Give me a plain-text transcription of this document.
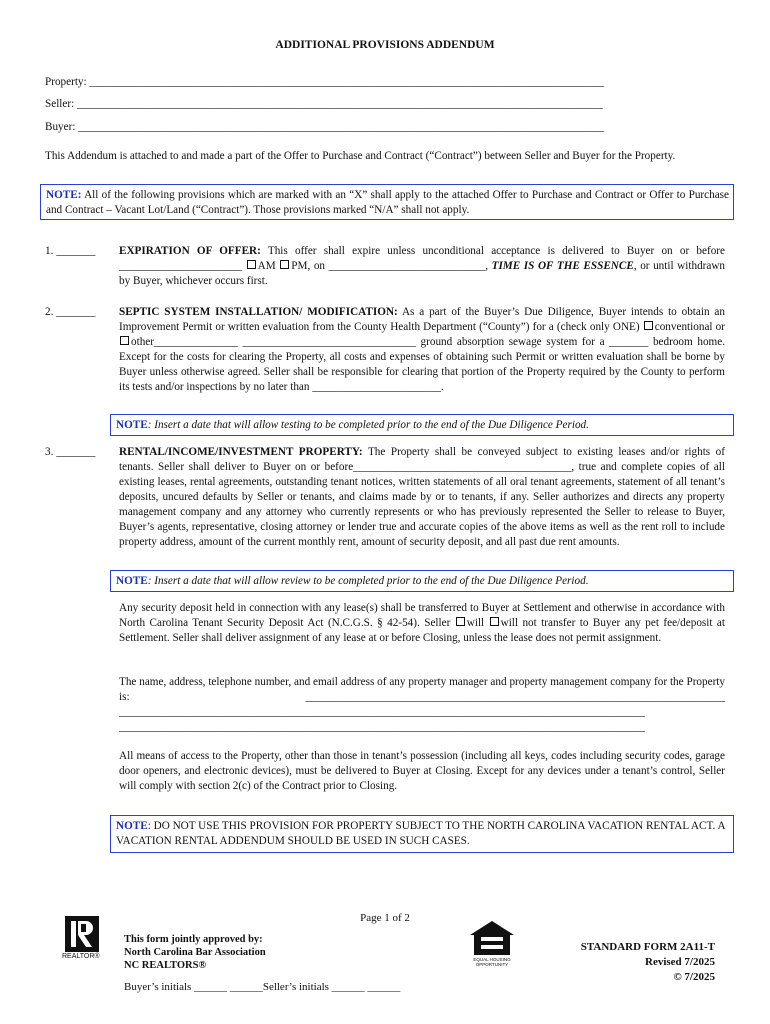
ADDITIONAL PROVISIONS ADDENDUM
Property: ____________________________________________________________________________________________
Seller: ______________________________________________________________________________________________
Buyer: ______________________________________________________________________________________________
This Addendum is attached to and made a part of the Offer to Purchase and Contract (“Contract”) between Seller and Buyer for the Property.
NOTE: All of the following provisions which are marked with an “X” shall apply to the attached Offer to Purchase and Contract or Offer to Purchase and Contract – Vacant Lot/Land (“Contract”). Those provisions marked “N/A” shall not apply.
1. _______	EXPIRATION OF OFFER: This offer shall expire unless unconditional acceptance is delivered to Buyer on or before ______________________ AM PM, on ____________________________, TIME IS OF THE ESSENCE, or until withdrawn by Buyer, whichever occurs first.
2. _______	SEPTIC SYSTEM INSTALLATION/ MODIFICATION: As a part of the Buyer’s Due Diligence, Buyer intends to obtain an Improvement Permit or written evaluation from the County Health Department (“County”) for a (check only ONE) conventional or other_______________ _______________________________ ground absorption sewage system for a _______ bedroom home. Except for the costs for clearing the Property, all costs and expenses of obtaining such Permit or written evaluation shall be borne by Buyer unless otherwise agreed. Seller shall be responsible for clearing that portion of the Property required by the County to perform its tests and/or inspections by no later than _______________________.
NOTE: Insert a date that will allow testing to be completed prior to the end of the Due Diligence Period.
3. _______	RENTAL/INCOME/INVESTMENT PROPERTY: The Property shall be conveyed subject to existing leases and/or rights of tenants. Seller shall deliver to Buyer on or before_______________________________________, true and complete copies of all existing leases, rental agreements, outstanding tenant notices, written statements of all oral tenant agreements, statement of all tenant’s deposits, uncured defaults by Seller or tenants, and claims made by or to tenants, if any. Seller authorizes and directs any property management company and any attorney who currently represents or who has previously represented the Seller to release to Buyer, Buyer’s agents, representative, closing attorney or lender true and accurate copies of the above items as well as the rent roll to include property address, amount of the current monthly rent, amount of security deposit, and all past due rent amounts.
NOTE: Insert a date that will allow review to be completed prior to the end of the Due Diligence Period.
Any security deposit held in connection with any lease(s) shall be transferred to Buyer at Settlement and otherwise in accordance with North Carolina Tenant Security Deposit Act (N.C.G.S. § 42-54). Seller will will not transfer to Buyer any pet fee/deposit at Settlement. Seller shall deliver assignment of any lease at or before Closing, unless the lease does not permit assignment.
The name, address, telephone number, and email address of any property manager and property management company for the Property is: ___________________________________________________________________________ ______________________________________________________________________________________________ ______________________________________________________________________________________________
All means of access to the Property, other than those in tenant’s possession (including all keys, codes including security codes, garage door openers, and electronic devices), must be delivered to Buyer at Closing. Except for any devices under a tenant’s control, Seller will comply with section 2(c) of the Contract prior to Closing.
NOTE: DO NOT USE THIS PROVISION FOR PROPERTY SUBJECT TO THE NORTH CAROLINA VACATION RENTAL ACT. A VACATION RENTAL ADDENDUM SHOULD BE USED IN SUCH CASES.
Page 1 of 2
REALTOR®
This form jointly approved by:
North Carolina Bar Association
NC REALTORS®
EQUAL HOUSING OPPORTUNITY
STANDARD FORM 2A11-T
Revised 7/2025
© 7/2025
Buyer’s initials ______ ______Seller’s initials ______ ______
